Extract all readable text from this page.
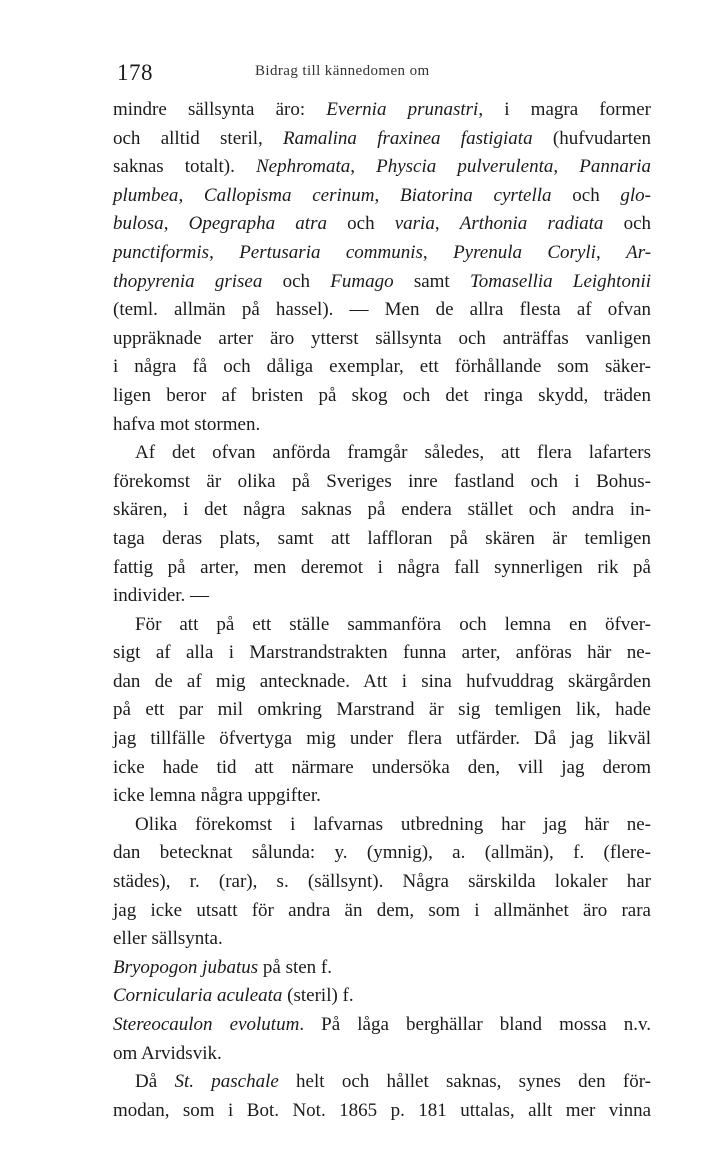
178	Bidrag till kännedomen om
mindre sällsynta äro: Evernia prunastri, i magra former
och alltid steril, Ramalina fraxinea fastigiata (hufvudarten
saknas totalt). Nephromata, Physcia pulverulenta, Pannaria
plumbea, Callopisma cerinum, Biatorina cyrtella och glo-
bulosa, Opegrapha atra och varia, Arthonia radiata och
punctiformis, Pertusaria communis, Pyrenula Coryli, Ar-
thopyrenia grisea och Fumago samt Tomasellia Leightonii
(teml. allmän på hassel). — Men de allra flesta af ofvan
uppräknade arter äro ytterst sällsynta och anträffas vanligen
i några få och dåliga exemplar, ett förhållande som säker-
ligen beror af bristen på skog och det ringa skydd, träden
hafva mot stormen.
Af det ofvan anförda framgår således, att flera lafarters
förekomst är olika på Sveriges inre fastland och i Bohus-
skären, i det några saknas på endera stället och andra in-
taga deras plats, samt att laffloran på skären är temligen
fattig på arter, men deremot i några fall synnerligen rik på
individer. —
För att på ett ställe sammanföra och lemna en öfver-
sigt af alla i Marstrandstrakten funna arter, anföras här ne-
dan de af mig antecknade. Att i sina hufvuddrag skärgården
på ett par mil omkring Marstrand är sig temligen lik, hade
jag tillfälle öfvertyga mig under flera utfärder. Då jag likväl
icke hade tid att närmare undersöka den, vill jag derom
icke lemna några uppgifter.
Olika förekomst i lafvarnas utbredning har jag här ne-
dan betecknat sålunda: y. (ymnig), a. (allmän), f. (flere-
städes), r. (rar), s. (sällsynt). Några särskilda lokaler har
jag icke utsatt för andra än dem, som i allmänhet äro rara
eller sällsynta.
Bryopogon jubatus på sten f.
Cornicularia aculeata (steril) f.
Stereocaulon evolutum. På låga berghällar bland mossa n.v.
om Arvidsvik.
Då St. paschale helt och hållet saknas, synes den för-
modan, som i Bot. Not. 1865 p. 181 uttalas, allt mer vinna
